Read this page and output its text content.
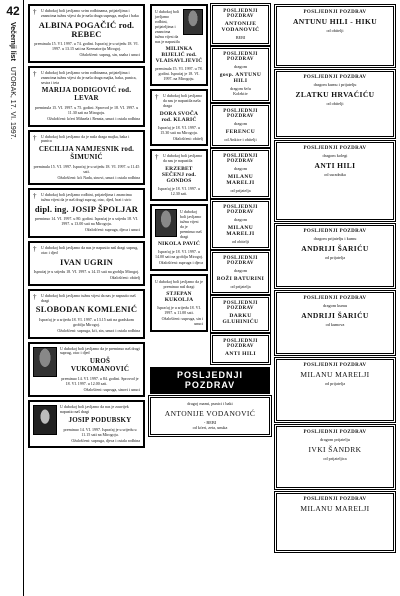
42
Večernji list UTORAK, 17. VI. 1997.
†	U dubokoj boli javljamo svim rodbinama, prijateljima i znancima tužnu vijest da je naša draga supruga, majka i baka
ALBINA POGAČIĆ rod. REBEC
preminula 15. VI. 1997. u 74. godini. Ispraćaj je u srijedu 18. VI. 1997. u 13.15 sati na Krematoriju Mirogoj.
Ožalošćeni: suprug, sin, snaha i unuci
†	U dubokoj boli javljamo svim rodbinama, prijateljima i znancima tužnu vijest da je naša draga majka, baka, punica, sestra i teta
MARIJA DODIGOVIĆ rod. LEVAR
preminula 15. VI. 1997. u 75. godini. Sprovod je 18. VI. 1997. u 11.30 sati na Mirogoju.
Ožalošćeni: kćeri Mihaela i Renata, unuci i ostala rodbina
†	U dubokoj boli javljamo da je naša draga majka, baka i punica
CECILIJA NAMJESNIK rod. ŠIMUNIĆ
preminula 15. VI. 1997. Ispraćaj je u srijedu 18. VI. 1997. u 11.45 sati.
Ožalošćeni: kći Nada, sinovi, unuci i ostala rodbina
†	U dubokoj boli javljamo rodbini, prijateljima i znancima tužnu vijest da je naš dragi suprug, otac, djed, brat i stric
dipl. ing. JOSIP ŠPOLJAR
preminuo 14. VI. 1997. u 80. godini. Ispraćaj je u srijedu 18. VI. 1997. u 13.00 sati na Mirogoju.
Ožalošćeni: supruga, djeca i unuci
†	U dubokoj boli javljamo da nas je napustio naš dragi suprug, otac i djed
IVAN UGRIN
Ispraćaj je u srijedu 18. VI. 1997. u 14.15 sati na groblju Mirogoj.
Ožalošćeni: obitelj
†	U dubokoj boli javljamo tužnu vijest da nas je napustio naš dragi
SLOBODAN KOMLENIĆ
Ispraćaj je u srijedu 18. VI. 1997. u 13.15 sati na gradskom groblju Mirogoj.
Ožalošćeni: supruga, kći, sin, unuci i ostala rodbina
U dubokoj boli javljamo da je preminuo naš dragi suprug, otac i djed
UROŠ VUKOMANOVIĆ
preminuo 14. VI. 1997. u 84. godini. Sprovod je 18. VI. 1997. u 12.00 sati.
Ožalošćeni: supruga, sinovi i unuci
U dubokoj boli javljamo da nas je zauvijek napustio naš dragi
JOSIP PODUBSKY
preminuo 14. VI. 1997. Ispraćaj je u srijedu u 11.15 sati na Mirogoju.
Ožalošćeni: supruga, djeca i ostala rodbina
U dubokoj boli javljamo rodbini, prijateljima i znancima tužnu vijest da nas je napustila
MILINKA BIJELIĆ rod. VLAISAVLJEVIĆ
preminula 15. VI. 1997. u 78. godini. Ispraćaj je 18. VI. 1997. na Mirogoju.
†	U dubokoj boli javljamo da nas je napustila naša draga
DORA SVOČA rod. KLARIĆ
Ispraćaj je 18. VI. 1997. u 15.30 sati na Mirogoju.
Ožalošćeni: obitelj
†	U dubokoj boli javljamo da nas je napustila
ERZEBET SEČENJ rod. GONDOS
Ispraćaj je 18. VI. 1997. u 12.30 sati.
U dubokoj boli javljamo tužnu vijest da je preminuo naš dragi
NIKOLA PAVIĆ
Ispraćaj je 18. VI. 1997. u 14.00 sati na groblju Mirogoj.
Ožalošćeni: supruga i djeca
U dubokoj boli javljamo da je preminuo naš dragi
STJEPAN KUKOLJA
Ispraćaj je u srijedu 18. VI. 1997. u 11.00 sati.
Ožalošćeni: supruga, sin i unuci
POSLJEDNJI POZDRAV
ANTONIJE VODANOVIĆ
BEBI
POSLJEDNJI POZDRAV
dragom
gosp. ANTUNU HILI
dragom šefu
Kolektiv
POSLJEDNJI POZDRAV
dragom
FERENCU
od Ankice i obitelji
POSLJEDNJI POZDRAV
dragom
MILANU MARELJI
od prijatelja
POSLJEDNJI POZDRAV
dragom
MILANU MARELJI
od obitelji
POSLJEDNJI POZDRAV
dragom
BOŽI BATURINI
od prijatelja
POSLJEDNJI POZDRAV
DARKU GLUHINIĆU
POSLJEDNJI POZDRAV
ANTI HILI
POSLJEDNJI POZDRAV
dragoj mami, punici i baki
ANTONIJE VODANOVIĆ
- BEBI
od kćeri, zeta, unuka
POSLJEDNJI POZDRAV
ANTUNU HILI - HIKU
od obitelji
POSLJEDNJI POZDRAV
dragom kumu i prijatelju
ZLATKU HRVAĆIĆU
od obitelji
POSLJEDNJI POZDRAV
dragom kolegi
ANTI HILI
od suradnika
POSLJEDNJI POZDRAV
dragom prijatelju i kumu
ANDRIJI ŠARIĆU
od prijatelja
POSLJEDNJI POZDRAV
dragom kumu
ANDRIJI ŠARIĆU
od kumova
POSLJEDNJI POZDRAV
MILANU MARELJI
od prijatelja
POSLJEDNJI POZDRAV
dragom prijatelju
IVKI ŠANDRK
od prijateljica
POSLJEDNJI POZDRAV
MILANU MARELJI
